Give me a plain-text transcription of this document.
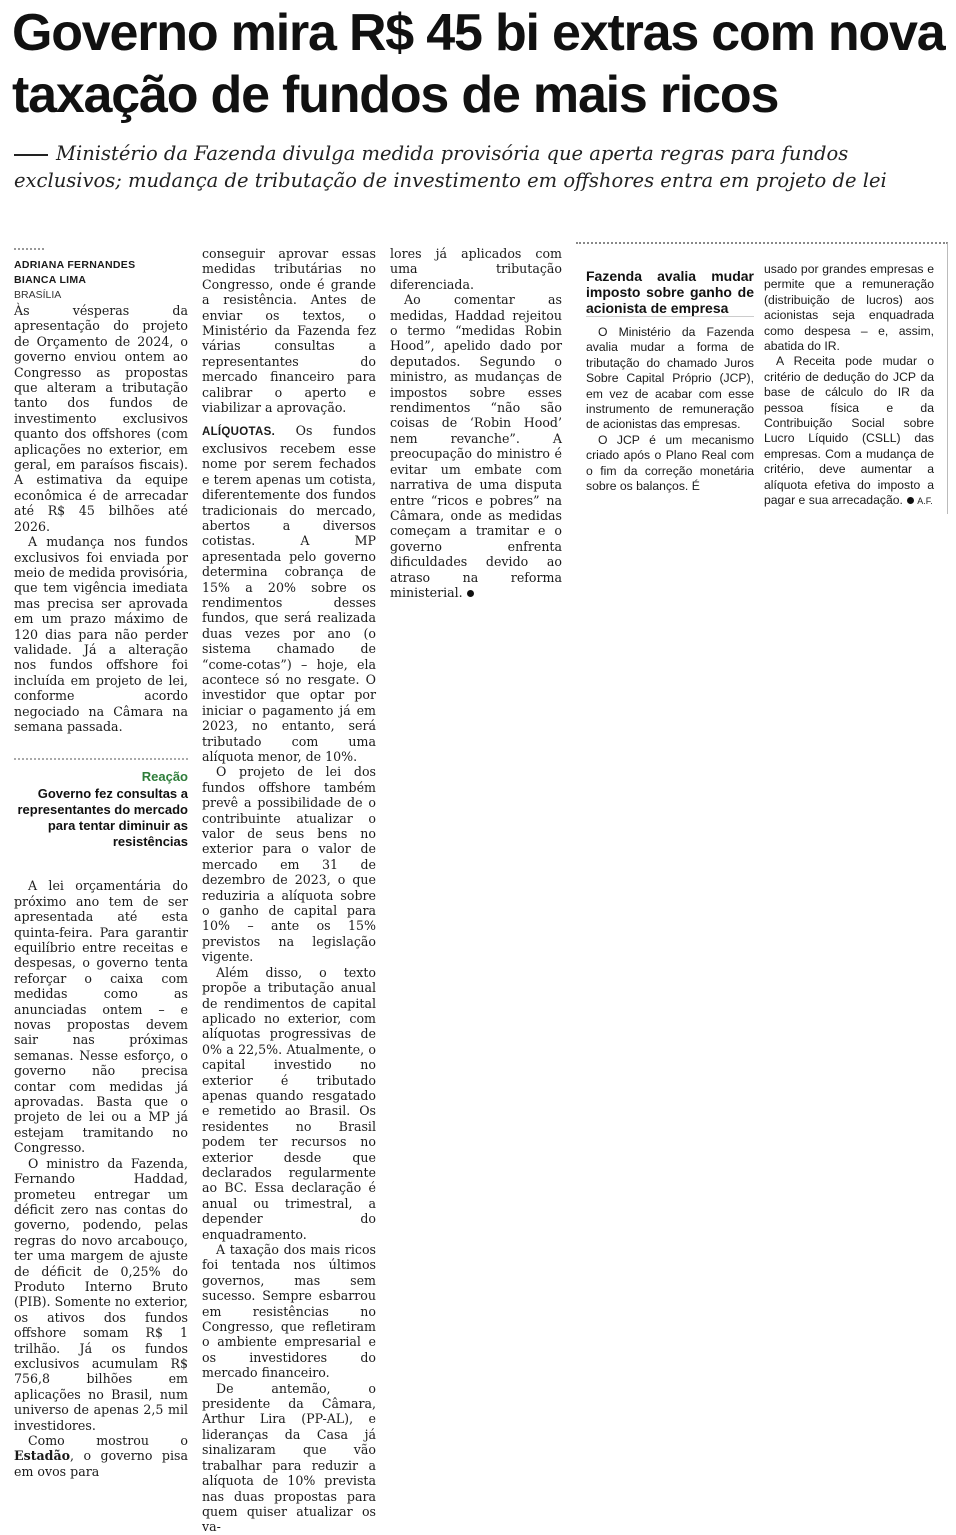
Governo mira R$ 45 bi extras com nova taxação de fundos de mais ricos

Ministério da Fazenda divulga medida provisória que aperta regras para fundos exclusivos; mudança de tributação de investimento em offshores entra em projeto de lei

ADRIANA FERNANDES

BIANCA LIMA

BRASÍLIA

Às vésperas da apresentação do projeto de Orçamento de 2024, o governo enviou ontem ao Congresso as propostas que alteram a tributação tanto dos fundos de investimento exclusivos quanto dos offshores (com aplicações no exterior, em geral, em paraísos fiscais). A estimativa da equipe econômica é de arrecadar até R$ 45 bilhões até 2026.

A mudança nos fundos exclusivos foi enviada por meio de medida provisória, que tem vigência imediata mas precisa ser aprovada em um prazo máximo de 120 dias para não perder validade. Já a alteração nos fundos offshore foi incluída em projeto de lei, conforme acordo negociado na Câmara na semana passada.

Reação

Governo fez consultas a representantes do mercado para tentar diminuir as resistências

A lei orçamentária do próximo ano tem de ser apresentada até esta quinta-feira. Para garantir equilíbrio entre receitas e despesas, o governo tenta reforçar o caixa com medidas como as anunciadas ontem – e novas propostas devem sair nas próximas semanas. Nesse esforço, o governo não precisa contar com medidas já aprovadas. Basta que o projeto de lei ou a MP já estejam tramitando no Congresso.

O ministro da Fazenda, Fernando Haddad, prometeu entregar um déficit zero nas contas do governo, podendo, pelas regras do novo arcabouço, ter uma margem de ajuste de déficit de 0,25% do Produto Interno Bruto (PIB). Somente no exterior, os ativos dos fundos offshore somam R$ 1 trilhão. Já os fundos exclusivos acumulam R$ 756,8 bilhões em aplicações no Brasil, num universo de apenas 2,5 mil investidores.

Como mostrou o Estadão, o governo pisa em ovos para

conseguir aprovar essas medidas tributárias no Congresso, onde é grande a resistência. Antes de enviar os textos, o Ministério da Fazenda fez várias consultas a representantes do mercado financeiro para calibrar o aperto e viabilizar a aprovação.

ALÍQUOTAS. Os fundos exclusivos recebem esse nome por serem fechados e terem apenas um cotista, diferentemente dos fundos tradicionais do mercado, abertos a diversos cotistas. A MP apresentada pelo governo determina cobrança de 15% a 20% sobre os rendimentos desses fundos, que será realizada duas vezes por ano (o sistema chamado de “come-cotas”) – hoje, ela acontece só no resgate. O investidor que optar por iniciar o pagamento já em 2023, no entanto, será tributado com uma alíquota menor, de 10%.

O projeto de lei dos fundos offshore também prevê a possibilidade de o contribuinte atualizar o valor de seus bens no exterior para o valor de mercado em 31 de dezembro de 2023, o que reduziria a alíquota sobre o ganho de capital para 10% – ante os 15% previstos na legislação vigente.

Além disso, o texto propõe a tributação anual de rendimentos de capital aplicado no exterior, com alíquotas progressivas de 0% a 22,5%. Atualmente, o capital investido no exterior é tributado apenas quando resgatado e remetido ao Brasil. Os residentes no Brasil podem ter recursos no exterior desde que declarados regularmente ao BC. Essa declaração é anual ou trimestral, a depender do enquadramento.

A taxação dos mais ricos foi tentada nos últimos governos, mas sem sucesso. Sempre esbarrou em resistências no Congresso, que refletiram o ambiente empresarial e os investidores do mercado financeiro.

De antemão, o presidente da Câmara, Arthur Lira (PP-AL), e lideranças da Casa já sinalizaram que vão trabalhar para reduzir a alíquota de 10% prevista nas duas propostas para quem quiser atualizar os va-

lores já aplicados com uma tributação diferenciada.

Ao comentar as medidas, Haddad rejeitou o termo “medidas Robin Hood”, apelido dado por deputados. Segundo o ministro, as mudanças de impostos sobre esses rendimentos “não são coisas de ‘Robin Hood’ nem revanche”. A preocupação do ministro é evitar um embate com narrativa de uma disputa entre “ricos e pobres” na Câmara, onde as medidas começam a tramitar e o governo enfrenta dificuldades devido ao atraso na reforma ministerial.

Fazenda avalia mudar imposto sobre ganho de acionista de empresa

O Ministério da Fazenda avalia mudar a forma de tributação do chamado Juros Sobre Capital Próprio (JCP), em vez de acabar com esse instrumento de remuneração de acionistas das empresas.

O JCP é um mecanismo criado após o Plano Real com o fim da correção monetária sobre os balanços. É

usado por grandes empresas e permite que a remuneração (distribuição de lucros) aos acionistas seja enquadrada como despesa – e, assim, abatida do IR.

A Receita pode mudar o critério de dedução do JCP da base de cálculo do IR da pessoa física e da Contribuição Social sobre Lucro Líquido (CSLL) das empresas. Com a mudança de critério, deve aumentar a alíquota efetiva do imposto a pagar e sua arrecadação. A.F.
